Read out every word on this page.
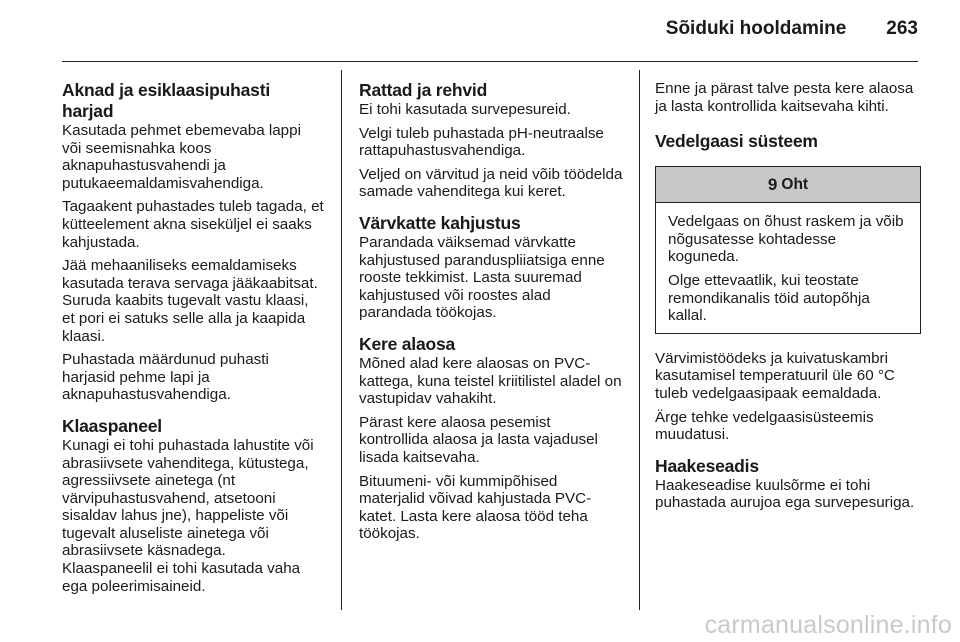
Sõiduki hooldamine 263
Aknad ja esiklaasipuhasti harjad

Kasutada pehmet ebemevaba lappi või seemisnahka koos aknapuhastusvahendi ja putukaeemaldamisvahendiga.

Tagaakent puhastades tuleb tagada, et kütteelement akna siseküljel ei saaks kahjustada.

Jää mehaaniliseks eemaldamiseks kasutada terava servaga jääkaabitsat. Suruda kaabits tugevalt vastu klaasi, et pori ei satuks selle alla ja kaapida klaasi.

Puhastada määrdunud puhasti harjasid pehme lapi ja aknapuhastusvahendiga.

Klaaspaneel

Kunagi ei tohi puhastada lahustite või abrasiivsete vahenditega, kütustega, agressiivsete ainetega (nt värvipuhastusvahend, atsetooni sisaldav lahus jne), happeliste või tugevalt aluseliste ainetega või abrasiivsete käsnadega.

Klaaspaneelil ei tohi kasutada vaha ega poleerimisaineid.

Rattad ja rehvid

Ei tohi kasutada survepesureid.

Velgi tuleb puhastada pH-neutraalse rattapuhastusvahendiga.

Veljed on värvitud ja neid võib töödelda samade vahenditega kui keret.

Värvkatte kahjustus

Parandada väiksemad värvkatte kahjustused paranduspliiatsiga enne rooste tekkimist. Lasta suuremad kahjustused või roostes alad parandada töökojas.

Kere alaosa

Mõned alad kere alaosas on PVC-kattega, kuna teistel kriitilistel aladel on vastupidav vahakiht.

Pärast kere alaosa pesemist kontrollida alaosa ja lasta vajadusel lisada kaitsevaha.

Bituumeni- või kummipõhised materjalid võivad kahjustada PVC-katet. Lasta kere alaosa tööd teha töökojas.

Enne ja pärast talve pesta kere alaosa ja lasta kontrollida kaitsevaha kihti.

Vedelgaasi süsteem
9 Oht

Vedelgaas on õhust raskem ja võib nõgusatesse kohtadesse koguneda.

Olge ettevaatlik, kui teostate remondikanalis töid autopõhja kallal.

Värvimistöödeks ja kuivatuskambri kasutamisel temperatuuril üle 60 °C tuleb vedelgaasipaak eemaldada.

Ärge tehke vedelgaasisüsteemis muudatusi.

Haakeseadis

Haakeseadise kuulsõrme ei tohi puhastada aurujoa ega survepesuriga.

carmanualsonline.info
